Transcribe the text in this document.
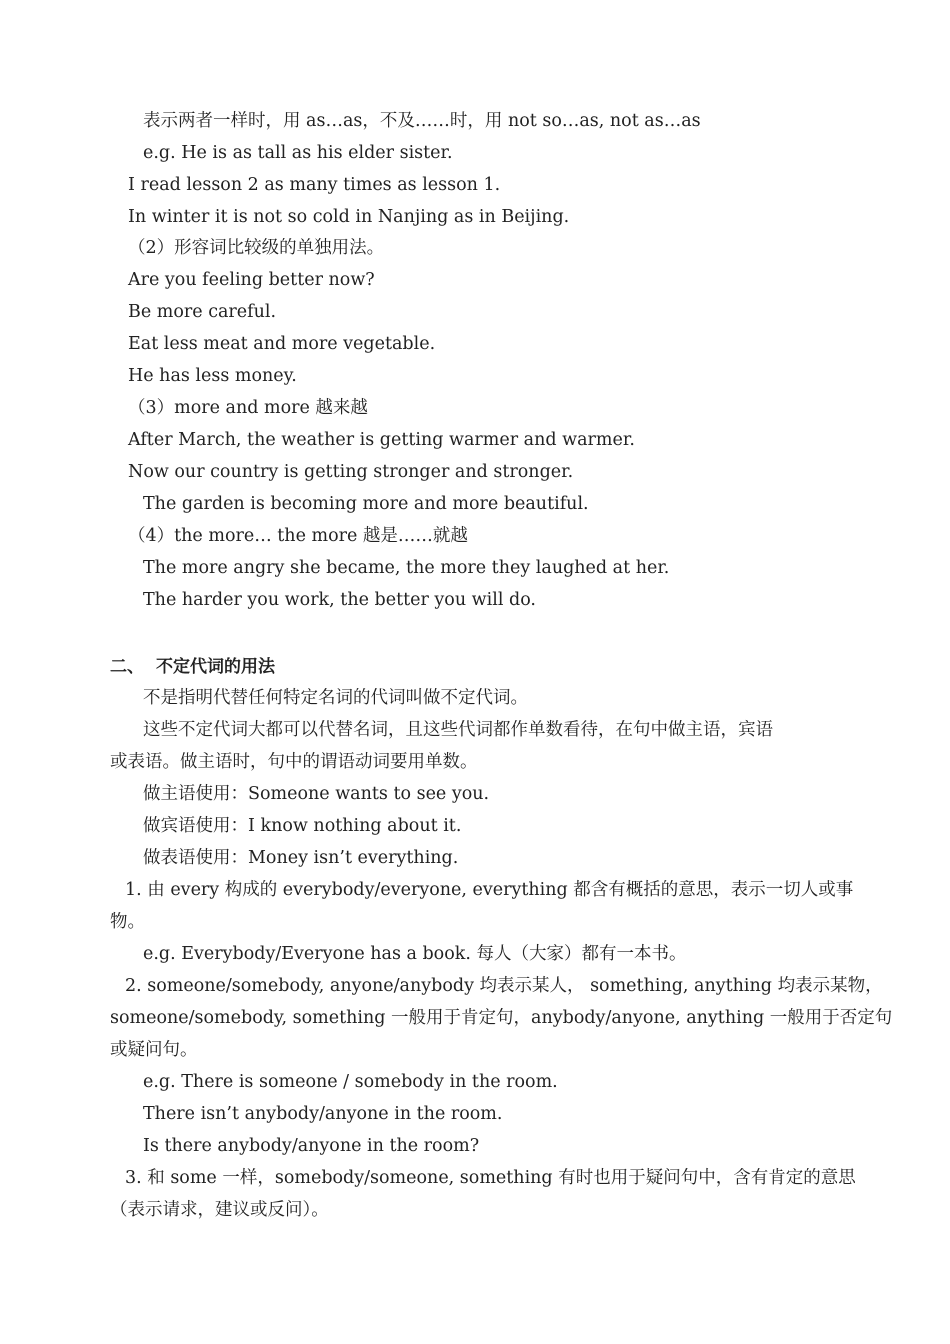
表示两者一样时，用 as…as，不及……时，用 not so…as, not as…as
e.g. He is as tall as his elder sister.
I read lesson 2 as many times as lesson 1.
In winter it is not so cold in Nanjing as in Beijing.
（2）形容词比较级的单独用法。
Are you feeling better now?
Be more careful.
Eat less meat and more vegetable.
He has less money.
（3）more and more 越来越
After March, the weather is getting warmer and warmer.
Now our country is getting stronger and stronger.
The garden is becoming more and more beautiful.
（4）the more… the more 越是……就越
The more angry she became, the more they laughed at her.
The harder you work, the better you will do.
二、 不定代词的用法
不是指明代替任何特定名词的代词叫做不定代词。
这些不定代词大都可以代替名词，且这些代词都作单数看待，在句中做主语，宾语
或表语。做主语时，句中的谓语动词要用单数。
做主语使用：Someone wants to see you.
做宾语使用：I know nothing about it.
做表语使用：Money isn’t everything.
1. 由 every 构成的 everybody/everyone, everything 都含有概括的意思，表示一切人或事
物。
e.g. Everybody/Everyone has a book. 每人（大家）都有一本书。
2. someone/somebody, anyone/anybody 均表示某人， something, anything 均表示某物，
someone/somebody, something 一般用于肯定句，anybody/anyone, anything 一般用于否定句
或疑问句。
e.g. There is someone / somebody in the room.
There isn’t anybody/anyone in the room.
Is there anybody/anyone in the room?
3. 和 some 一样，somebody/someone, something 有时也用于疑问句中，含有肯定的意思
（表示请求，建议或反问）。
